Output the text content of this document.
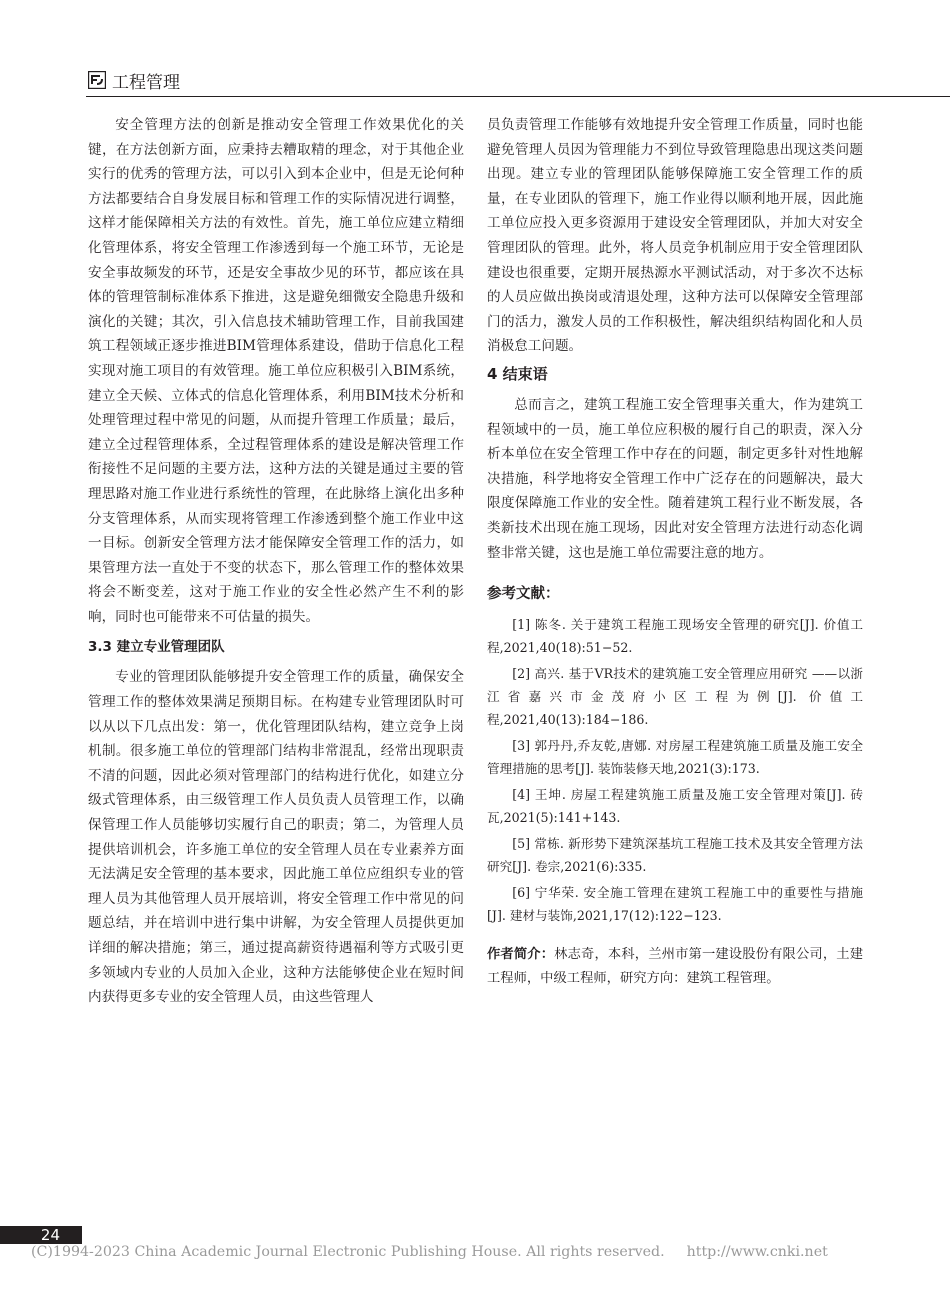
工程管理

安全管理方法的创新是推动安全管理工作效果优化的关键，在方法创新方面，应秉持去糟取精的理念，对于其他企业实行的优秀的管理方法，可以引入到本企业中，但是无论何种方法都要结合自身发展目标和管理工作的实际情况进行调整，这样才能保障相关方法的有效性。首先，施工单位应建立精细化管理体系，将安全管理工作渗透到每一个施工环节，无论是安全事故频发的环节，还是安全事故少见的环节，都应该在具体的管理管制标准体系下推进，这是避免细微安全隐患升级和演化的关键；其次，引入信息技术辅助管理工作，目前我国建筑工程领域正逐步推进BIM管理体系建设，借助于信息化工程实现对施工项目的有效管理。施工单位应积极引入BIM系统，建立全天候、立体式的信息化管理体系，利用BIM技术分析和处理管理过程中常见的问题，从而提升管理工作质量；最后，建立全过程管理体系，全过程管理体系的建设是解决管理工作衔接性不足问题的主要方法，这种方法的关键是通过主要的管理思路对施工作业进行系统性的管理，在此脉络上演化出多种分支管理体系，从而实现将管理工作渗透到整个施工作业中这一目标。创新安全管理方法才能保障安全管理工作的活力，如果管理方法一直处于不变的状态下，那么管理工作的整体效果将会不断变差，这对于施工作业的安全性必然产生不利的影响，同时也可能带来不可估量的损失。

3.3 建立专业管理团队

专业的管理团队能够提升安全管理工作的质量，确保安全管理工作的整体效果满足预期目标。在构建专业管理团队时可以从以下几点出发：第一，优化管理团队结构，建立竞争上岗机制。很多施工单位的管理部门结构非常混乱，经常出现职责不清的问题，因此必须对管理部门的结构进行优化，如建立分级式管理体系，由三级管理工作人员负责人员管理工作，以确保管理工作人员能够切实履行自己的职责；第二，为管理人员提供培训机会，许多施工单位的安全管理人员在专业素养方面无法满足安全管理的基本要求，因此施工单位应组织专业的管理人员为其他管理人员开展培训，将安全管理工作中常见的问题总结，并在培训中进行集中讲解，为安全管理人员提供更加详细的解决措施；第三，通过提高薪资待遇福利等方式吸引更多领域内专业的人员加入企业，这种方法能够使企业在短时间内获得更多专业的安全管理人员，由这些管理人

员负责管理工作能够有效地提升安全管理工作质量，同时也能避免管理人员因为管理能力不到位导致管理隐患出现这类问题出现。建立专业的管理团队能够保障施工安全管理工作的质量，在专业团队的管理下，施工作业得以顺利地开展，因此施工单位应投入更多资源用于建设安全管理团队，并加大对安全管理团队的管理。此外，将人员竞争机制应用于安全管理团队建设也很重要，定期开展热源水平测试活动，对于多次不达标的人员应做出换岗或清退处理，这种方法可以保障安全管理部门的活力，激发人员的工作积极性，解决组织结构固化和人员消极怠工问题。

4 结束语

总而言之，建筑工程施工安全管理事关重大，作为建筑工程领域中的一员，施工单位应积极的履行自己的职责，深入分析本单位在安全管理工作中存在的问题，制定更多针对性地解决措施，科学地将安全管理工作中广泛存在的问题解决，最大限度保障施工作业的安全性。随着建筑工程行业不断发展，各类新技术出现在施工现场，因此对安全管理方法进行动态化调整非常关键，这也是施工单位需要注意的地方。

参考文献：
[1] 陈冬. 关于建筑工程施工现场安全管理的研究[J]. 价值工程,2021,40(18):51−52.
[2] 高兴. 基于VR技术的建筑施工安全管理应用研究 ——以浙江省嘉兴市金茂府小区工程为例[J]. 价值工程,2021,40(13):184−186.
[3] 郭丹丹,乔友乾,唐娜. 对房屋工程建筑施工质量及施工安全管理措施的思考[J]. 装饰装修天地,2021(3):173.
[4] 王坤. 房屋工程建筑施工质量及施工安全管理对策[J]. 砖瓦,2021(5):141+143.
[5] 常栋. 新形势下建筑深基坑工程施工技术及其安全管理方法研究[J]. 卷宗,2021(6):335.
[6] 宁华荣. 安全施工管理在建筑工程施工中的重要性与措施[J]. 建材与装饰,2021,17(12):122−123.
作者简介：林志奇，本科，兰州市第一建设股份有限公司，土建工程师，中级工程师，研究方向：建筑工程管理。
24
(C)1994-2023 China Academic Journal Electronic Publishing House. All rights reserved. http://www.cnki.net
